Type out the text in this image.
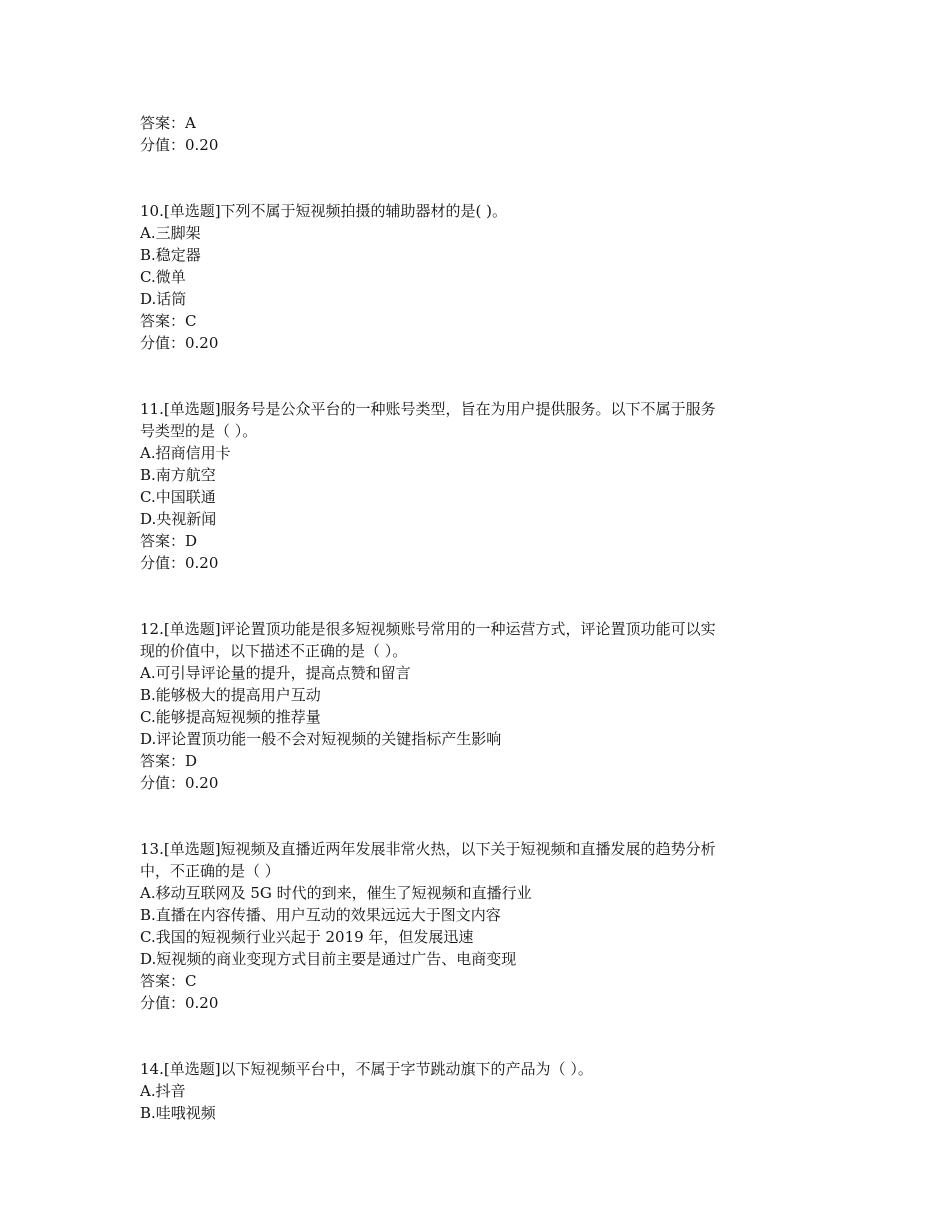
答案：A
分值：0.20
10.[单选题]下列不属于短视频拍摄的辅助器材的是( )。
A.三脚架
B.稳定器
C.微单
D.话筒
答案：C
分值：0.20
11.[单选题]服务号是公众平台的一种账号类型，旨在为用户提供服务。以下不属于服务
号类型的是（ ）。
A.招商信用卡
B.南方航空
C.中国联通
D.央视新闻
答案：D
分值：0.20
12.[单选题]评论置顶功能是很多短视频账号常用的一种运营方式，评论置顶功能可以实
现的价值中，以下描述不正确的是（ ）。
A.可引导评论量的提升，提高点赞和留言
B.能够极大的提高用户互动
C.能够提高短视频的推荐量
D.评论置顶功能一般不会对短视频的关键指标产生影响
答案：D
分值：0.20
13.[单选题]短视频及直播近两年发展非常火热，以下关于短视频和直播发展的趋势分析
中，不正确的是（ ）
A.移动互联网及 5G 时代的到来，催生了短视频和直播行业
B.直播在内容传播、用户互动的效果远远大于图文内容
C.我国的短视频行业兴起于 2019 年，但发展迅速
D.短视频的商业变现方式目前主要是通过广告、电商变现
答案：C
分值：0.20
14.[单选题]以下短视频平台中，不属于字节跳动旗下的产品为（ ）。
A.抖音
B.哇哦视频
